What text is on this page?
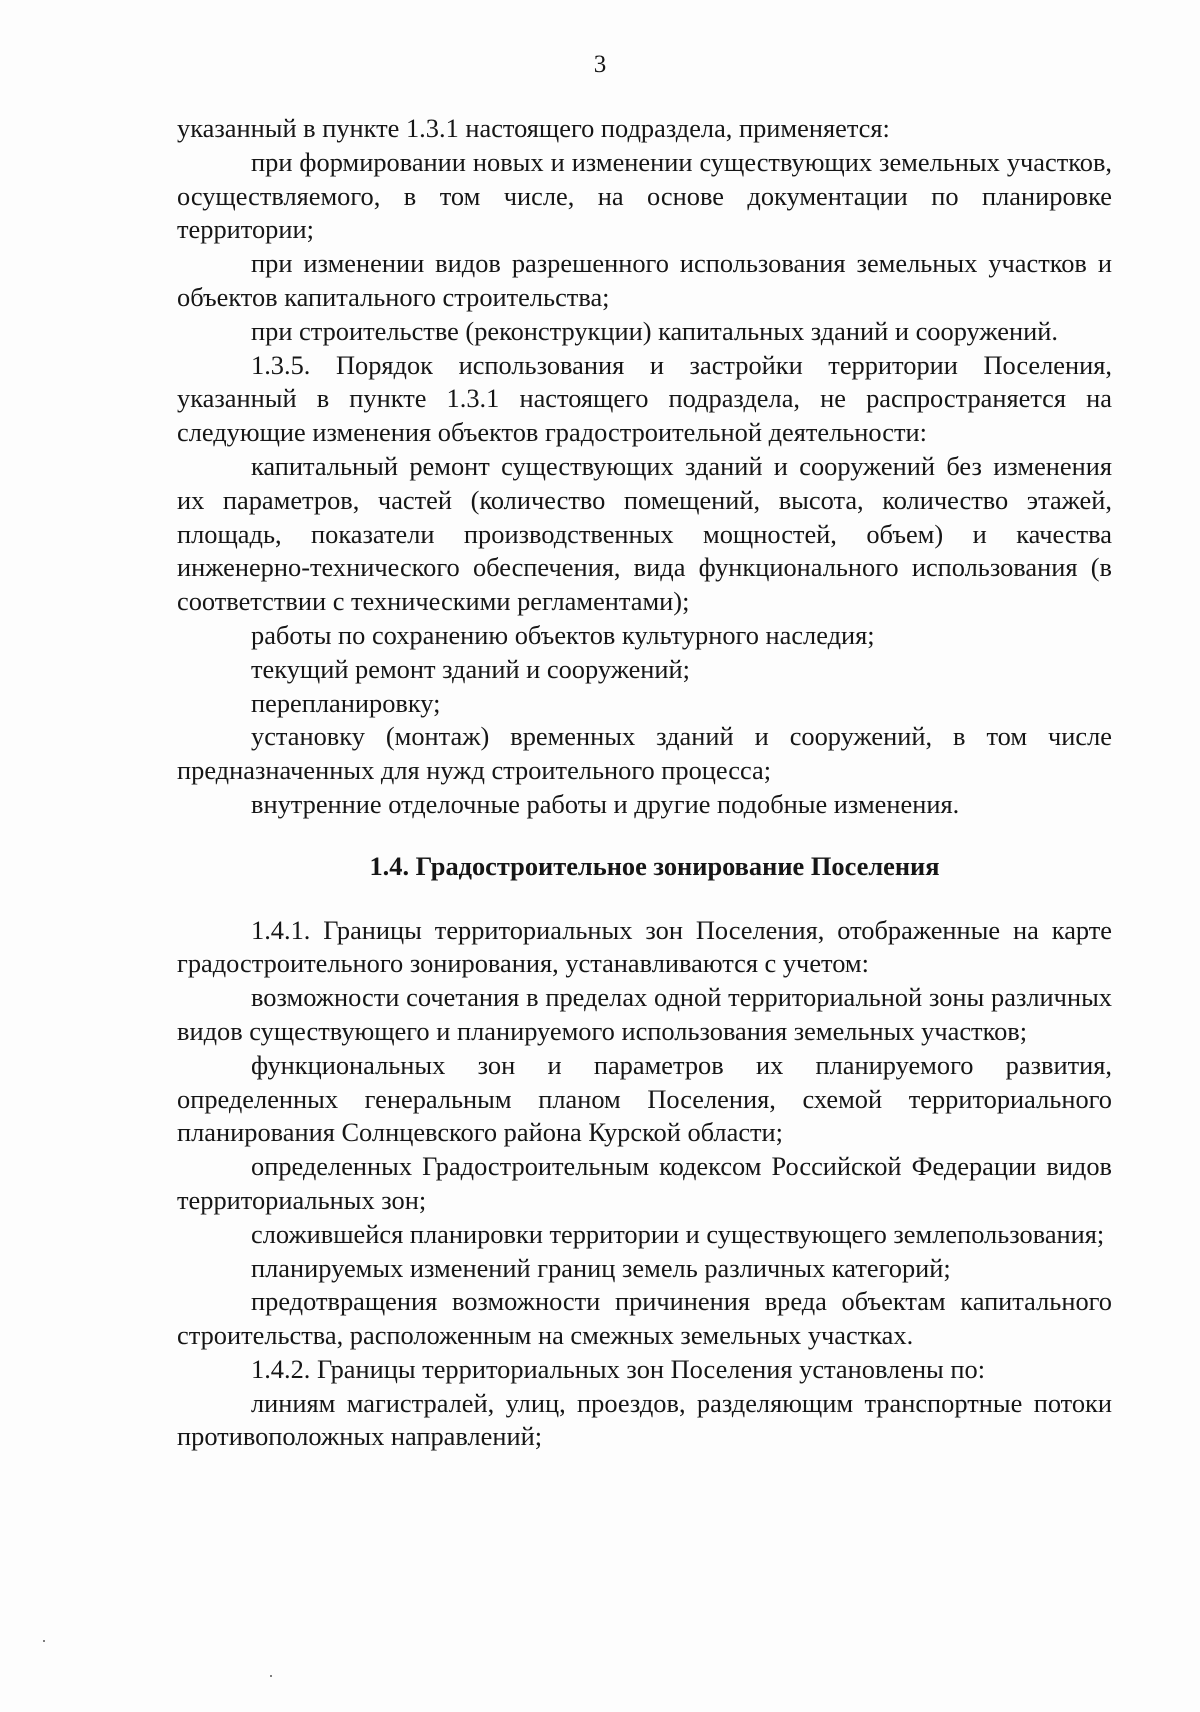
3

указанный в пункте 1.3.1 настоящего подраздела, применяется:

при формировании новых и изменении существующих земельных участков, осуществляемого, в том числе, на основе документации по планировке территории;

при изменении видов разрешенного использования земельных участков и объектов капитального строительства;

при строительстве (реконструкции) капитальных зданий и сооружений.

1.3.5. Порядок использования и застройки территории Поселения, указанный в пункте 1.3.1 настоящего подраздела, не распространяется на следующие изменения объектов градостроительной деятельности:

капитальный ремонт существующих зданий и сооружений без изменения их параметров, частей (количество помещений, высота, количество этажей, площадь, показатели производственных мощностей, объем) и качества инженерно-технического обеспечения, вида функционального использования (в соответствии с техническими регламентами);

работы по сохранению объектов культурного наследия;

текущий ремонт зданий и сооружений;

перепланировку;

установку (монтаж) временных зданий и сооружений, в том числе предназначенных для нужд строительного процесса;

внутренние отделочные работы и другие подобные изменения.

1.4. Градостроительное зонирование Поселения

1.4.1. Границы территориальных зон Поселения, отображенные на карте градостроительного зонирования, устанавливаются с учетом:

возможности сочетания в пределах одной территориальной зоны различных видов существующего и планируемого использования земельных участков;

функциональных зон и параметров их планируемого развития, определенных генеральным планом Поселения, схемой территориального планирования Солнцевского района Курской области;

определенных Градостроительным кодексом Российской Федерации видов территориальных зон;

сложившейся планировки территории и существующего землепользования;

планируемых изменений границ земель различных категорий;

предотвращения возможности причинения вреда объектам капитального строительства, расположенным на смежных земельных участках.

1.4.2. Границы территориальных зон Поселения установлены по:

линиям магистралей, улиц, проездов, разделяющим транспортные потоки противоположных направлений;
